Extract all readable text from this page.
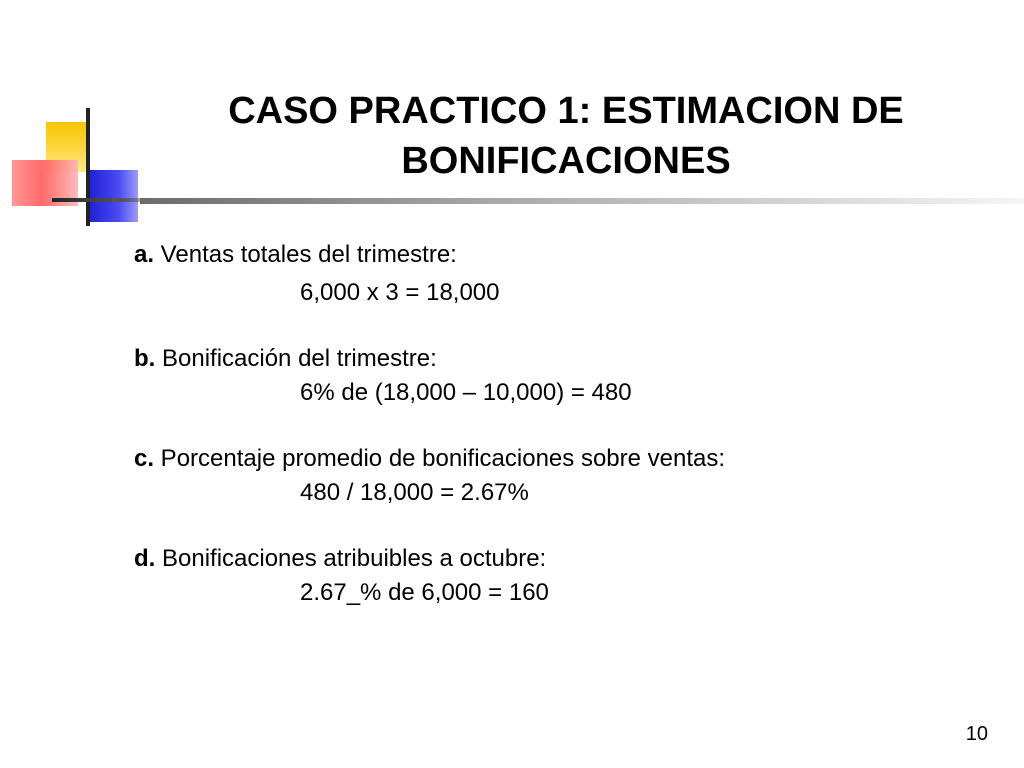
CASO PRACTICO 1: ESTIMACION DE BONIFICACIONES

a. Ventas totales del trimestre:

6,000 x 3 = 18,000

b. Bonificación del trimestre:

6% de (18,000 – 10,000) = 480

c. Porcentaje promedio de bonificaciones sobre ventas:

480 / 18,000 = 2.67%

d. Bonificaciones atribuibles a octubre:

2.67_% de 6,000 = 160

10
